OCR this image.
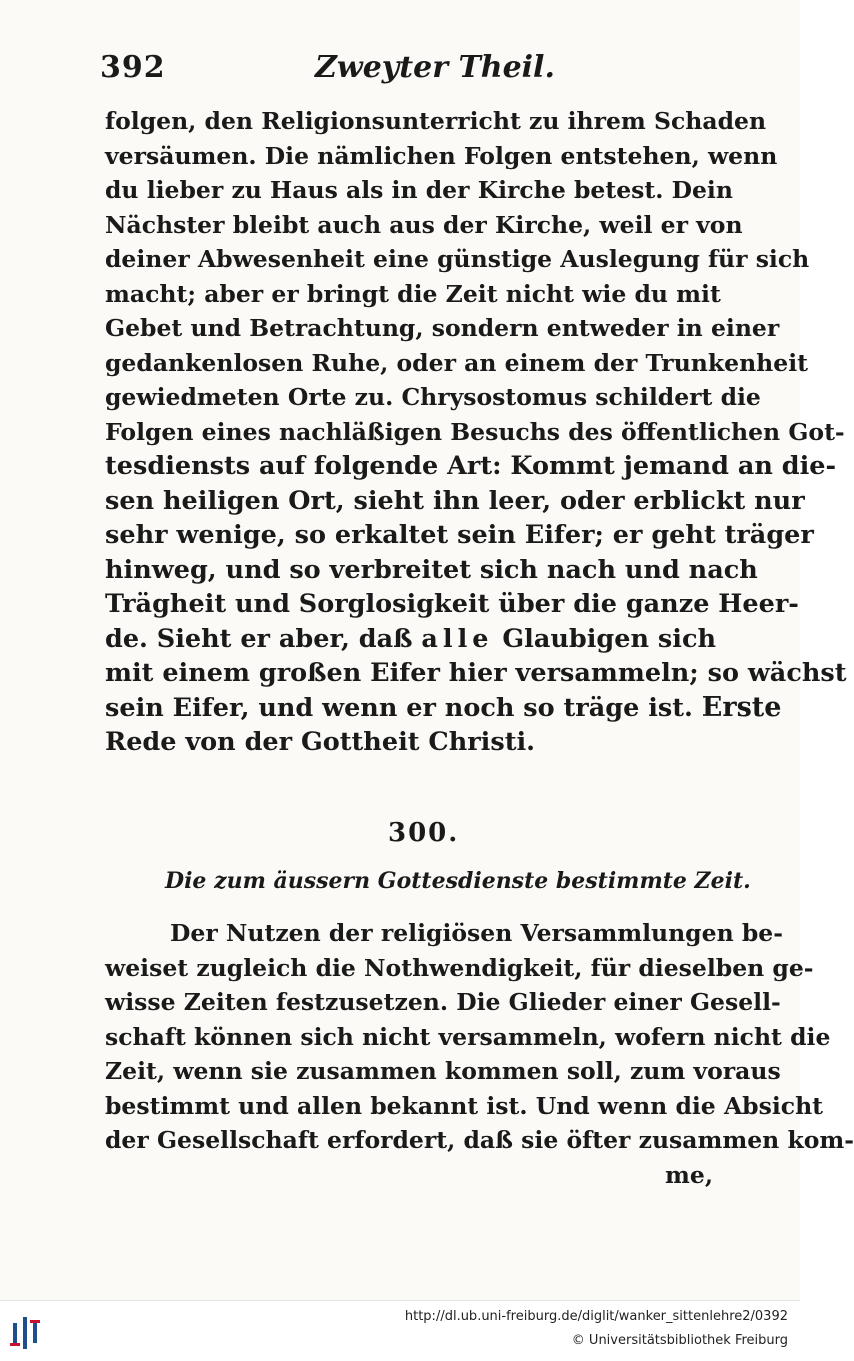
392	Zweyter Theil.
folgen, den Religionsunterricht zu ihrem Schaden
versäumen. Die nämlichen Folgen entstehen, wenn
du lieber zu Haus als in der Kirche betest. Dein
Nächster bleibt auch aus der Kirche, weil er von
deiner Abwesenheit eine günstige Auslegung für sich
macht; aber er bringt die Zeit nicht wie du mit
Gebet und Betrachtung, sondern entweder in einer
gedankenlosen Ruhe, oder an einem der Trunkenheit
gewiedmeten Orte zu. Chrysostomus schildert die
Folgen eines nachläßigen Besuchs des öffentlichen Got-
tesdiensts auf folgende Art: Kommt jemand an die-
sen heiligen Ort, sieht ihn leer, oder erblickt nur
sehr wenige, so erkaltet sein Eifer; er geht träger
hinweg, und so verbreitet sich nach und nach
Trägheit und Sorglosigkeit über die ganze Heer-
de. Sieht er aber, daß alle Glaubigen sich
mit einem großen Eifer hier versammeln; so wächst
sein Eifer, und wenn er noch so träge ist. Erste
Rede von der Gottheit Christi.
300.
Die zum äussern Gottesdienste bestimmte Zeit.
Der Nutzen der religiösen Versammlungen be-
weiset zugleich die Nothwendigkeit, für dieselben ge-
wisse Zeiten festzusetzen. Die Glieder einer Gesell-
schaft können sich nicht versammeln, wofern nicht die
Zeit, wenn sie zusammen kommen soll, zum voraus
bestimmt und allen bekannt ist. Und wenn die Absicht
der Gesellschaft erfordert, daß sie öfter zusammen kom-
me,
http://dl.ub.uni-freiburg.de/diglit/wanker_sittenlehre2/0392
© Universitätsbibliothek Freiburg
